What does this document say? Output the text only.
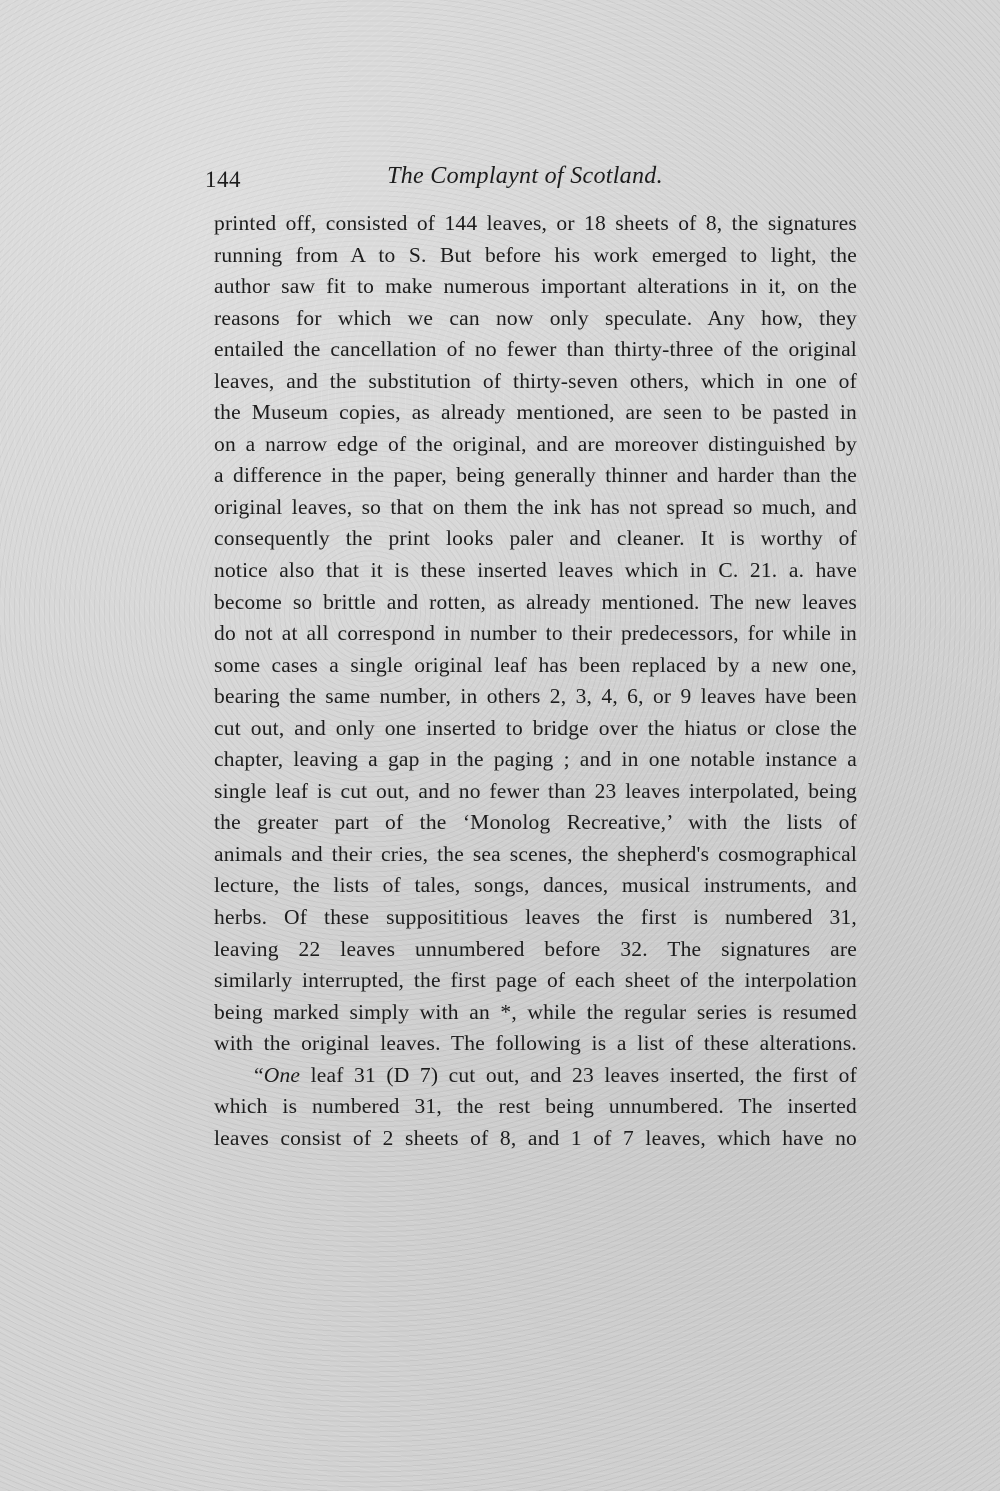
144	The Complaynt of Scotland.
printed off, consisted of 144 leaves, or 18 sheets of 8, the signatures
running from A to S. But before his work emerged to light, the
author saw fit to make numerous important alterations in it, on the
reasons for which we can now only speculate. Any how, they
entailed the cancellation of no fewer than thirty-three of the original
leaves, and the substitution of thirty-seven others, which in one of
the Museum copies, as already mentioned, are seen to be pasted in
on a narrow edge of the original, and are moreover distinguished by
a difference in the paper, being generally thinner and harder than the
original leaves, so that on them the ink has not spread so much, and
consequently the print looks paler and cleaner. It is worthy of
notice also that it is these inserted leaves which in C. 21. a. have
become so brittle and rotten, as already mentioned. The new leaves
do not at all correspond in number to their predecessors, for while in
some cases a single original leaf has been replaced by a new one,
bearing the same number, in others 2, 3, 4, 6, or 9 leaves have been
cut out, and only one inserted to bridge over the hiatus or close the
chapter, leaving a gap in the paging ; and in one notable instance a
single leaf is cut out, and no fewer than 23 leaves interpolated, being
the greater part of the ‘Monolog Recreative,’ with the lists of
animals and their cries, the sea scenes, the shepherd's cosmographical
lecture, the lists of tales, songs, dances, musical instruments, and
herbs. Of these supposititious leaves the first is numbered 31,
leaving 22 leaves unnumbered before 32. The signatures are
similarly interrupted, the first page of each sheet of the interpolation
being marked simply with an *, while the regular series is resumed
with the original leaves. The following is a list of these alterations.
“One leaf 31 (D 7) cut out, and 23 leaves inserted, the first of
which is numbered 31, the rest being unnumbered. The inserted
leaves consist of 2 sheets of 8, and 1 of 7 leaves, which have no
